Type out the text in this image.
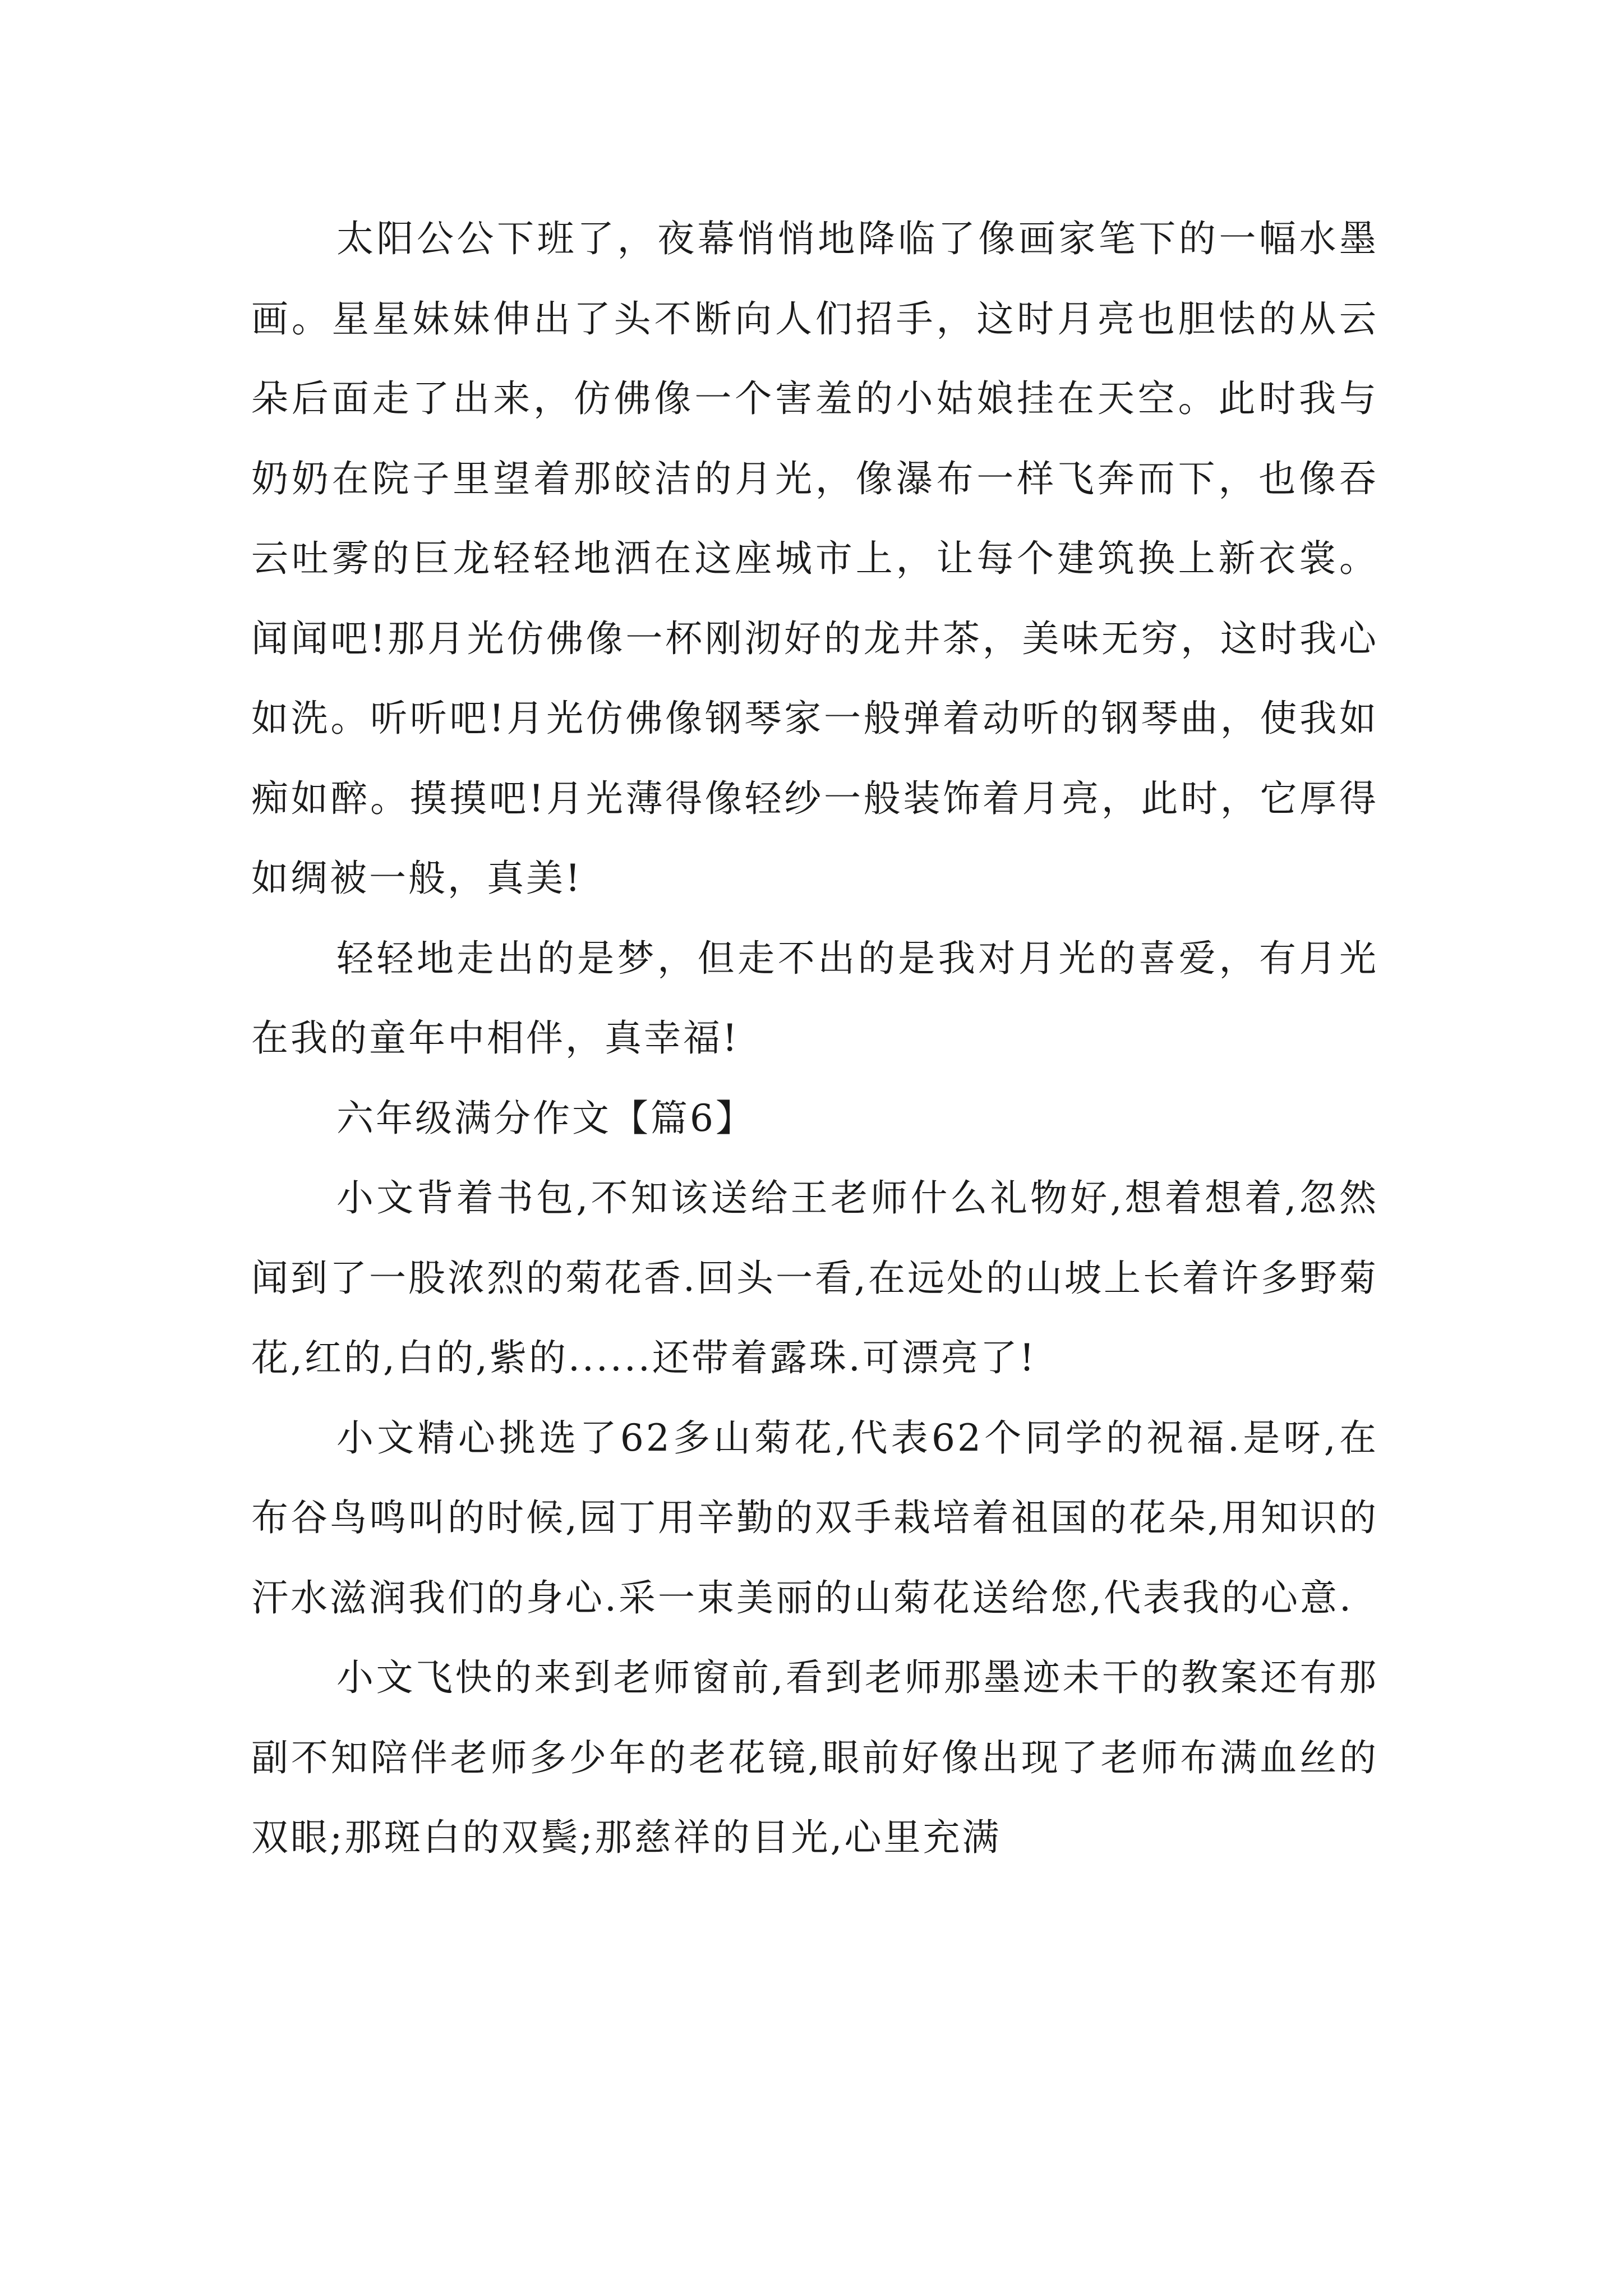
太阳公公下班了，夜幕悄悄地降临了像画家笔下的一幅水墨画。星星妹妹伸出了头不断向人们招手，这时月亮也胆怯的从云朵后面走了出来，仿佛像一个害羞的小姑娘挂在天空。此时我与奶奶在院子里望着那皎洁的月光，像瀑布一样飞奔而下，也像吞云吐雾的巨龙轻轻地洒在这座城市上，让每个建筑换上新衣裳。闻闻吧!那月光仿佛像一杯刚沏好的龙井茶，美味无穷，这时我心如洗。听听吧!月光仿佛像钢琴家一般弹着动听的钢琴曲，使我如痴如醉。摸摸吧!月光薄得像轻纱一般装饰着月亮，此时，它厚得如绸被一般，真美!

轻轻地走出的是梦，但走不出的是我对月光的喜爱，有月光在我的童年中相伴，真幸福!

六年级满分作文【篇6】

小文背着书包,不知该送给王老师什么礼物好,想着想着,忽然闻到了一股浓烈的菊花香.回头一看,在远处的山坡上长着许多野菊花,红的,白的,紫的......还带着露珠.可漂亮了!

小文精心挑选了62多山菊花,代表62个同学的祝福.是呀,在布谷鸟鸣叫的时候,园丁用辛勤的双手栽培着祖国的花朵,用知识的汗水滋润我们的身心.采一束美丽的山菊花送给您,代表我的心意.

小文飞快的来到老师窗前,看到老师那墨迹未干的教案还有那副不知陪伴老师多少年的老花镜,眼前好像出现了老师布满血丝的双眼;那斑白的双鬓;那慈祥的目光,心里充满
